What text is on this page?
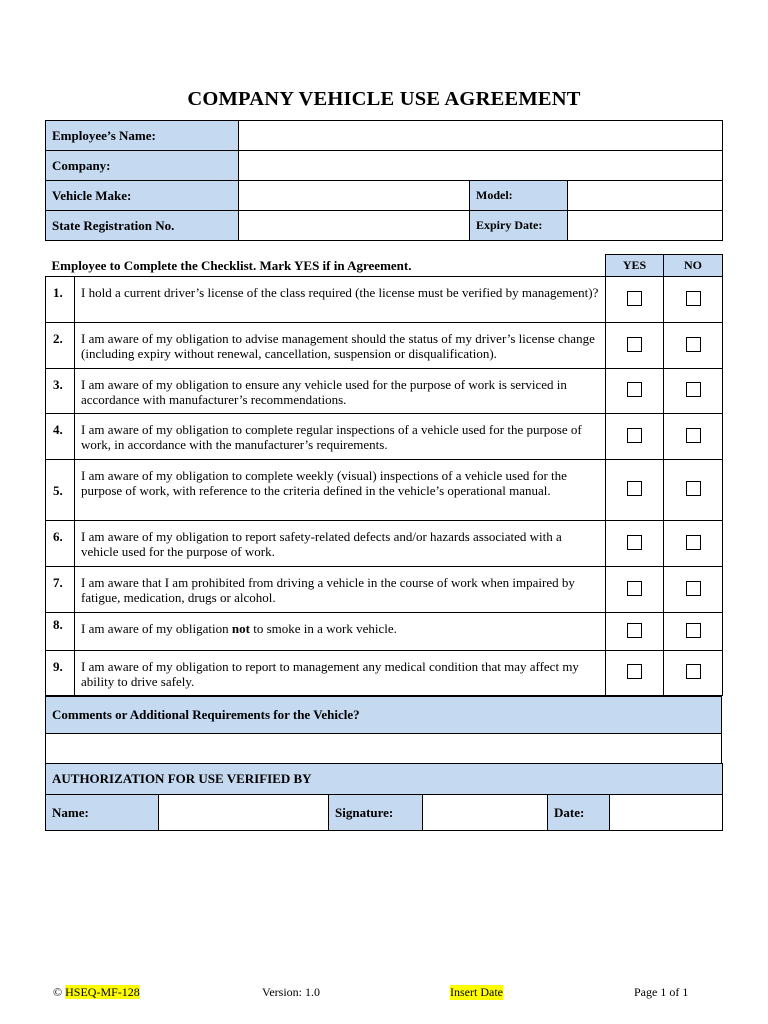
COMPANY VEHICLE USE AGREEMENT
Employee’s Name:			
Company:			
Vehicle Make:		Model:	
State Registration No.		Expiry Date:	
Employee to Complete the Checklist. Mark YES if in Agreement.		YES	NO
1.	I hold a current driver’s license of the class required (the license must be verified by management)?		
2.	I am aware of my obligation to advise management should the status of my driver’s license change (including expiry without renewal, cancellation, suspension or disqualification).		
3.	I am aware of my obligation to ensure any vehicle used for the purpose of work is serviced in accordance with manufacturer’s recommendations.		
4.	I am aware of my obligation to complete regular inspections of a vehicle used for the purpose of work, in accordance with the manufacturer’s requirements.		
5.	I am aware of my obligation to complete weekly (visual) inspections of a vehicle used for the purpose of work, with reference to the criteria defined in the vehicle’s operational manual.		
6.	I am aware of my obligation to report safety-related defects and/or hazards associated with a vehicle used for the purpose of work.		
7.	I am aware that I am prohibited from driving a vehicle in the course of work when impaired by fatigue, medication, drugs or alcohol.		
8.	I am aware of my obligation not to smoke in a work vehicle.		
9.	I am aware of my obligation to report to management any medical condition that may affect my ability to drive safely.		
Comments or Additional Requirements for the Vehicle?

AUTHORIZATION FOR USE VERIFIED BY
Name:		Signature:		Date:	
© HSEQ-MF-128	Version: 1.0	Insert Date	Page 1 of 1
